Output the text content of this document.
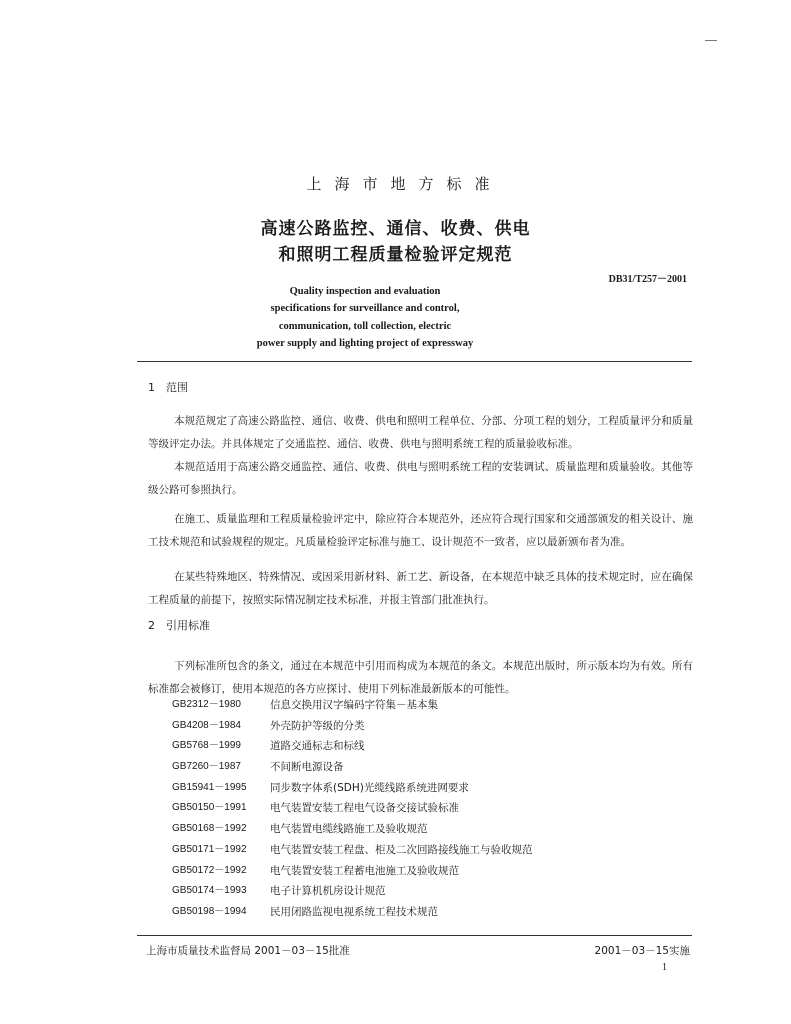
上海市地方标准
高速公路监控、通信、收费、供电
和照明工程质量检验评定规范
DB31/T257－2001
Quality inspection and evaluation
specifications for surveillance and control,
communication, toll collection, electric
power supply and lighting project of expressway
1　范围
本规范规定了高速公路监控、通信、收费、供电和照明工程单位、分部、分项工程的划分，工程质量评分和质量等级评定办法。并具体规定了交通监控、通信、收费、供电与照明系统工程的质量验收标准。
本规范适用于高速公路交通监控、通信、收费、供电与照明系统工程的安装调试、质量监理和质量验收。其他等级公路可参照执行。
在施工、质量监理和工程质量检验评定中，除应符合本规范外，还应符合现行国家和交通部颁发的相关设计、施工技术规范和试验规程的规定。凡质量检验评定标准与施工、设计规范不一致者，应以最新颁布者为准。
在某些特殊地区、特殊情况、或因采用新材料、新工艺、新设备，在本规范中缺乏具体的技术规定时，应在确保工程质量的前提下，按照实际情况制定技术标准，并报主管部门批准执行。
2　引用标准
下列标准所包含的条文，通过在本规范中引用而构成为本规范的条文。本规范出版时，所示版本均为有效。所有标准都会被修订，使用本规范的各方应探讨、使用下列标准最新版本的可能性。
GB2312－1980	信息交换用汉字编码字符集－基本集
GB4208－1984	外壳防护等级的分类
GB5768－1999	道路交通标志和标线
GB7260－1987	不间断电源设备
GB15941－1995	同步数字体系(SDH)光缆线路系统进网要求
GB50150－1991	电气装置安装工程电气设备交接试验标准
GB50168－1992	电气装置电缆线路施工及验收规范
GB50171－1992	电气装置安装工程盘、柜及二次回路接线施工与验收规范
GB50172－1992	电气装置安装工程蓄电池施工及验收规范
GB50174－1993	电子计算机机房设计规范
GB50198－1994	民用闭路监视电视系统工程技术规范
上海市质量技术监督局 2001－03－15批准	2001－03－15实施
1
